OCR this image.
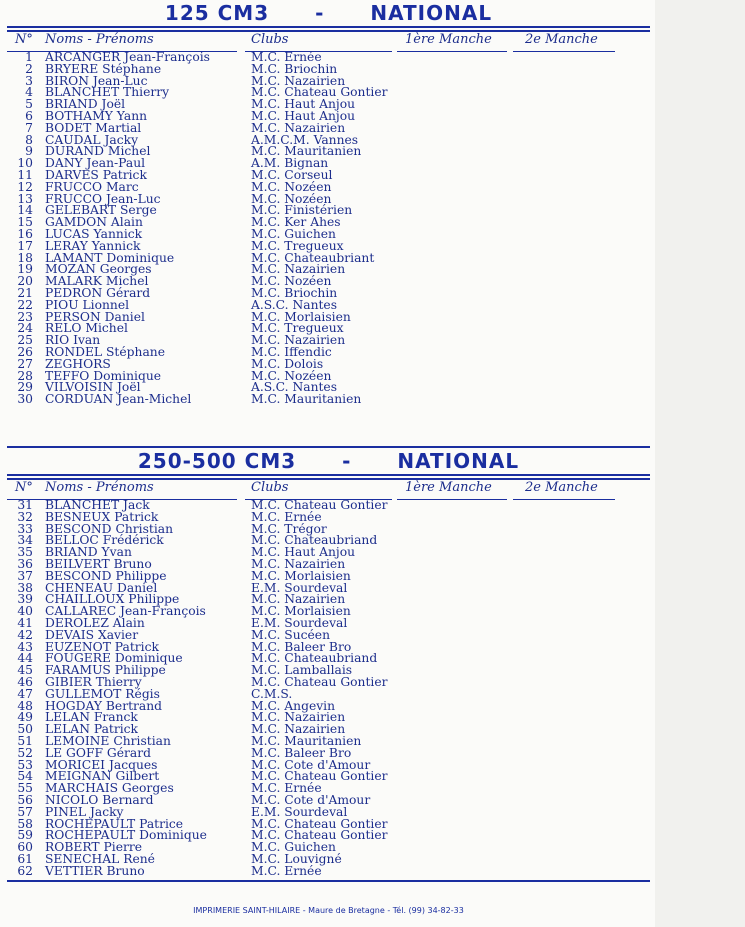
125 CM3 - NATIONAL
N° Noms - Prénoms	Clubs	1ère Manche	2e Manche
1 ARCANGER Jean-François	M.C. Ernée
2 BRYERE Stéphane	M.C. Briochin
3 BIRON Jean-Luc	M.C. Nazairien
4 BLANCHET Thierry	M.C. Chateau Gontier
5 BRIAND Joël	M.C. Haut Anjou
6 BOTHAMY Yann	M.C. Haut Anjou
7 BODET Martial	M.C. Nazairien
8 CAUDAL Jacky	A.M.C.M. Vannes
9 DURAND Michel	M.C. Mauritanien
10 DANY Jean-Paul	A.M. Bignan
11 DARVES Patrick	M.C. Corseul
12 FRUCCO Marc	M.C. Nozéen
13 FRUCCO Jean-Luc	M.C. Nozéen
14 GELEBART Serge	M.C. Finistérien
15 GAMDON Alain	M.C. Ker Ahes
16 LUCAS Yannick	M.C. Guichen
17 LERAY Yannick	M.C. Tregueux
18 LAMANT Dominique	M.C. Chateaubriant
19 MOZAN Georges	M.C. Nazairien
20 MALARK Michel	M.C. Nozéen
21 PEDRON Gérard	M.C. Briochin
22 PIOU Lionnel	A.S.C. Nantes
23 PERSON Daniel	M.C. Morlaisien
24 RELO Michel	M.C. Tregueux
25 RIO Ivan	M.C. Nazairien
26 RONDEL Stéphane	M.C. Iffendic
27 ZEGHORS	M.C. Dolois
28 TEFFO Dominique	M.C. Nozéen
29 VILVOISIN Joël	A.S.C. Nantes
30 CORDUAN Jean-Michel	M.C. Mauritanien
250-500 CM3 - NATIONAL
N° Noms - Prénoms	Clubs	1ère Manche	2e Manche
31 BLANCHET Jack	M.C. Chateau Gontier
32 BESNEUX Patrick	M.C. Ernée
33 BESCOND Christian	M.C. Trégor
34 BELLOC Frédérick	M.C. Chateaubriand
35 BRIAND Yvan	M.C. Haut Anjou
36 BEILVERT Bruno	M.C. Nazairien
37 BESCOND Philippe	M.C. Morlaisien
38 CHENEAU Daniel	E.M. Sourdeval
39 CHAILLOUX Philippe	M.C. Nazairien
40 CALLAREC Jean-François	M.C. Morlaisien
41 DEROLEZ Alain	E.M. Sourdeval
42 DEVAIS Xavier	M.C. Sucéen
43 EUZENOT Patrick	M.C. Baleer Bro
44 FOUGERE Dominique	M.C. Chateaubriand
45 FARAMUS Philippe	M.C. Lamballais
46 GIBIER Thierry	M.C. Chateau Gontier
47 GULLEMOT Régis	C.M.S.
48 HOGDAY Bertrand	M.C. Angevin
49 LELAN Franck	M.C. Nazairien
50 LELAN Patrick	M.C. Nazairien
51 LEMOINE Christian	M.C. Mauritanien
52 LE GOFF Gérard	M.C. Baleer Bro
53 MORICEI Jacques	M.C. Cote d'Amour
54 MEIGNAN Gilbert	M.C. Chateau Gontier
55 MARCHAIS Georges	M.C. Ernée
56 NICOLO Bernard	M.C. Cote d'Amour
57 PINEL Jacky	E.M. Sourdeval
58 ROCHEPAULT Patrice	M.C. Chateau Gontier
59 ROCHEPAULT Dominique	M.C. Chateau Gontier
60 ROBERT Pierre	M.C. Guichen
61 SENECHAL René	M.C. Louvigné
62 VETTIER Bruno	M.C. Ernée
IMPRIMERIE SAINT-HILAIRE - Maure de Bretagne - Tél. (99) 34-82-33
